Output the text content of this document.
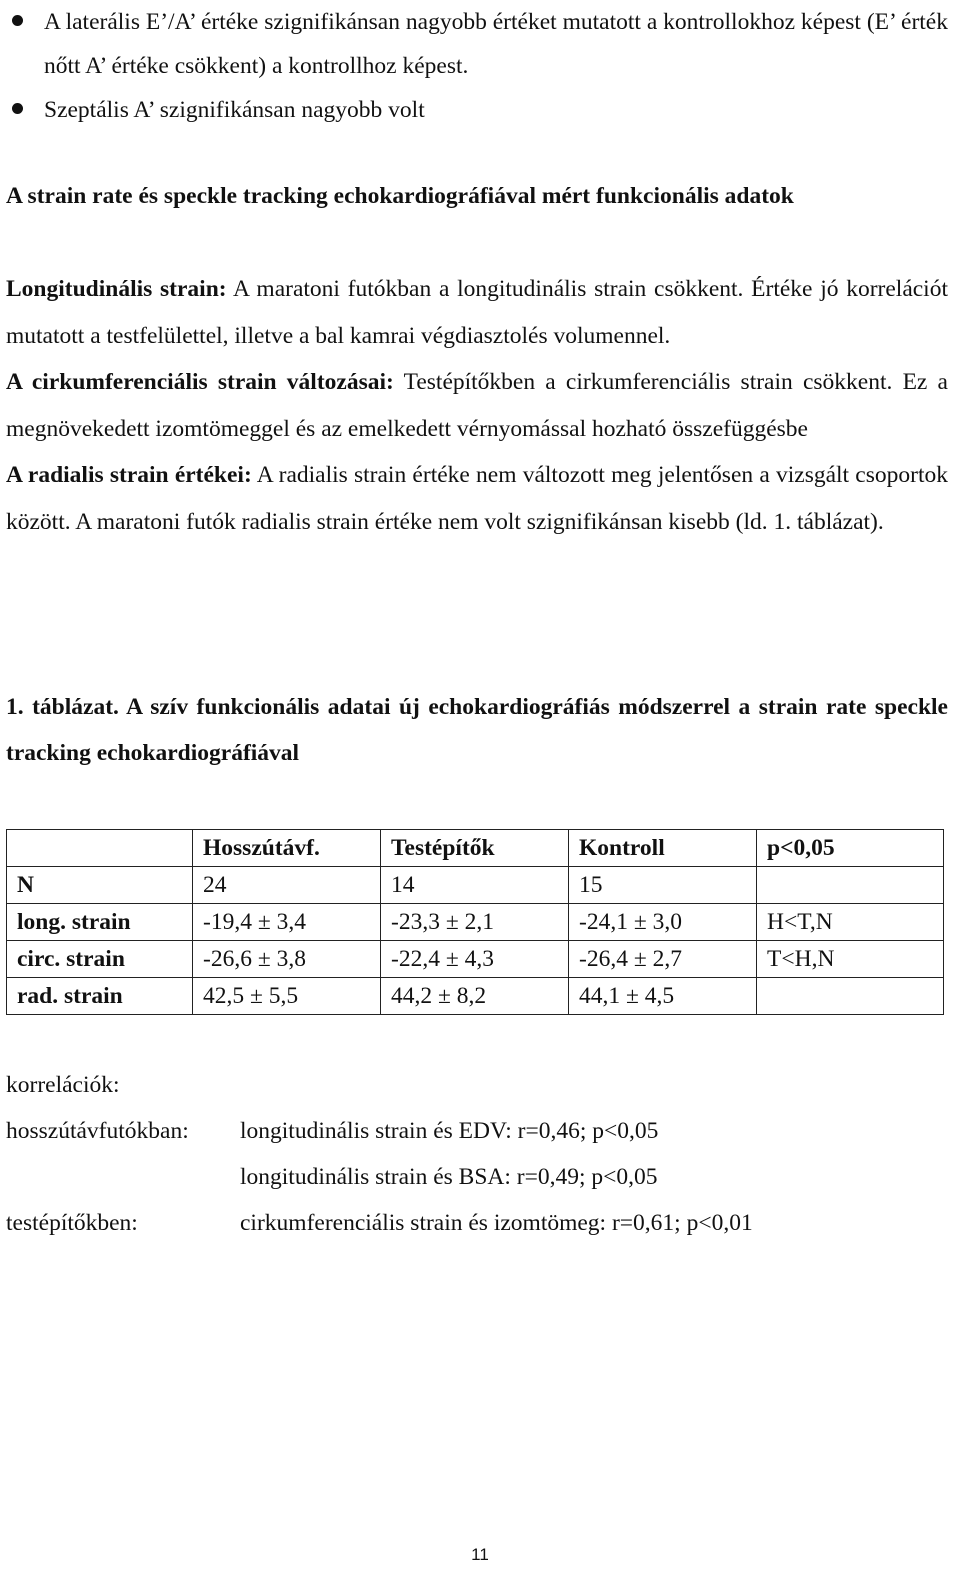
A laterális E’/A’ értéke szignifikánsan nagyobb értéket mutatott a kontrollokhoz képest (E’ érték nőtt A’ értéke csökkent) a kontrollhoz képest.
Szeptális A’ szignifikánsan nagyobb volt
A strain rate és speckle tracking echokardiográfiával mért funkcionális adatok

Longitudinális strain: A maratoni futókban a longitudinális strain csökkent. Értéke jó korrelációt mutatott a testfelülettel, illetve a bal kamrai végdiasztolés volumennel.

A cirkumferenciális strain változásai: Testépítőkben a cirkumferenciális strain csökkent. Ez a megnövekedett izomtömeggel és az emelkedett vérnyomással hozható összefüggésbe

A radialis strain értékei: A radialis strain értéke nem változott meg jelentősen a vizsgált csoportok között. A maratoni futók radialis strain értéke nem volt szignifikánsan kisebb (ld. 1. táblázat).

1. táblázat. A szív funkcionális adatai új echokardiográfiás módszerrel a strain rate speckle tracking echokardiográfiával
	Hosszútávf.	Testépítők	Kontroll	p<0,05
N	24	14	15	
long. strain	-19,4 ± 3,4	-23,3 ± 2,1	-24,1 ± 3,0	H<T,N
circ. strain	-26,6 ± 3,8	-22,4 ± 4,3	-26,4 ± 2,7	T<H,N
rad. strain	42,5 ± 5,5	44,2 ± 8,2	44,1 ± 4,5	
korrelációk:
hosszútávfutókban:	longitudinális strain és EDV: r=0,46; p<0,05
longitudinális strain és BSA: r=0,49; p<0,05
testépítőkben:	cirkumferenciális strain és izomtömeg: r=0,61; p<0,01
11
